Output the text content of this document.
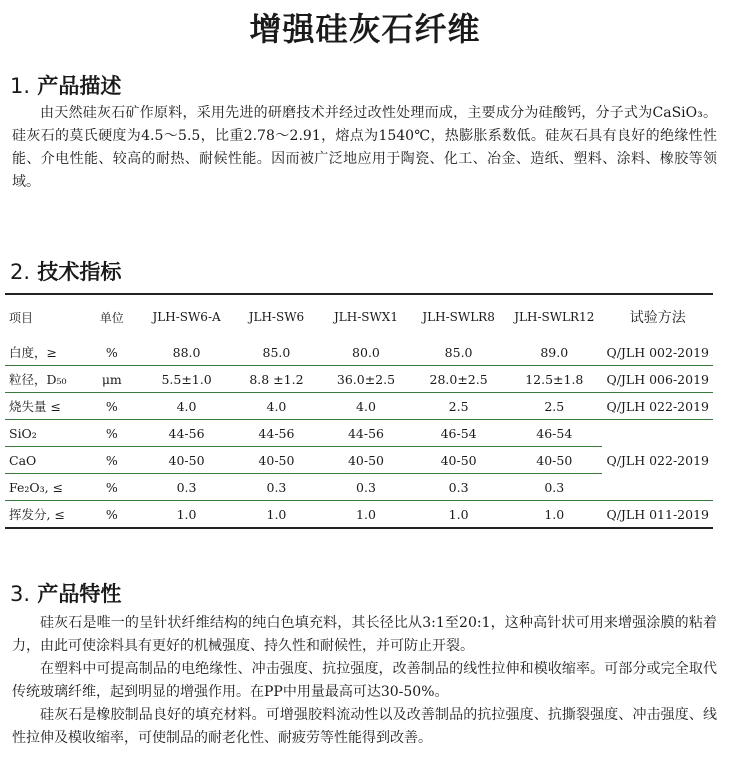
增强硅灰石纤维
1. 产品描述

由天然硅灰石矿作原料，采用先进的研磨技术并经过改性处理而成，主要成分为硅酸钙，分子式为CaSiO₃。硅灰石的莫氏硬度为4.5～5.5，比重2.78～2.91，熔点为1540℃，热膨胀系数低。硅灰石具有良好的绝缘性性能、介电性能、较高的耐热、耐候性能。因而被广泛地应用于陶瓷、化工、冶金、造纸、塑料、涂料、橡胶等领域。

2. 技术指标
项目	单位	JLH-SW6-A	JLH-SW6	JLH-SWX1	JLH-SWLR8	JLH-SWLR12	试验方法
白度，≥	%	88.0	85.0	80.0	85.0	89.0	Q/JLH 002-2019
粒径，D₅₀	μm	5.5±1.0	8.8 ±1.2	36.0±2.5	28.0±2.5	12.5±1.8	Q/JLH 006-2019
烧失量 ≤	%	4.0	4.0	4.0	2.5	2.5	Q/JLH 022-2019
SiO₂	%	44-56	44-56	44-56	46-54	46-54	Q/JLH 022-2019
CaO	%	40-50	40-50	40-50	40-50	40-50	
Fe₂O₃, ≤	%	0.3	0.3	0.3	0.3	0.3	
挥发分, ≤	%	1.0	1.0	1.0	1.0	1.0	Q/JLH 011-2019
3. 产品特性

硅灰石是唯一的呈针状纤维结构的纯白色填充料，其长径比从3:1至20:1，这种高针状可用来增强涂膜的粘着力，由此可使涂料具有更好的机械强度、持久性和耐候性，并可防止开裂。

在塑料中可提高制品的电绝缘性、冲击强度、抗拉强度，改善制品的线性拉伸和模收缩率。可部分或完全取代传统玻璃纤维，起到明显的增强作用。在PP中用量最高可达30-50%。

硅灰石是橡胶制品良好的填充材料。可增强胶料流动性以及改善制品的抗拉强度、抗撕裂强度、冲击强度、线性拉伸及模收缩率，可使制品的耐老化性、耐疲劳等性能得到改善。
